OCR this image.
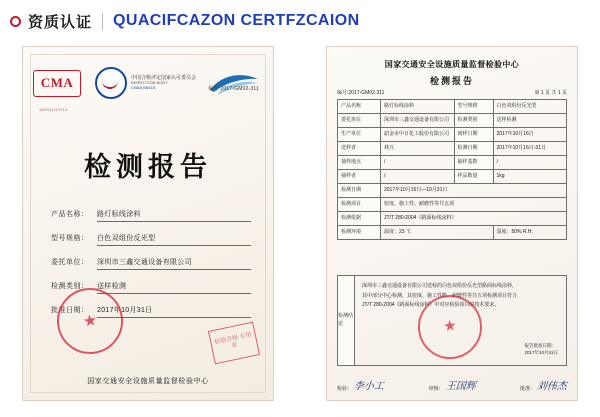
资质认证 QUACIFCAZON CERTFZCAION
CMA	中国合格评定国家认可委员会
INSPECTION BODY
CNAS B0418	编号:2017-GM02-311
180001113713
检测报告
产品名称：	路灯标线涂料
型号规格：	白色双组份反光型
委托单位：	深圳市三鑫交通设备有限公司
检测类别：	送样检测
批准日期：	2017年10月31日
★
检验合格 专用章
国家交通安全设施质量监督检验中心
国家交通安全设施质量监督检验中心
检测报告
编号:2017-GM02-311	第 1 页 共 1 页
产品名称	路灯标线涂料	型号规格	白色双组份反光型
委托单位	深圳市三鑫交通设备有限公司	检测类别	送样检测
生产单位	韶金市中日化工股份有限公司	到样日期	2017年10月16日
送样者	林兴	检测日期	2017年10月16日-31日
抽样地点	/	抽样基数	/
抽样者	/	样品数量	1kg
检测日期	2017年10月16日—10月31日		
检测项目	密度、施工性、耐磨性等共五项		
检测依据	JT/T 280-2004《路面标线涂料》		
检测环境	温度：23 ℃		湿度：50% R.H.
检测结论
深圳市三鑫交通设备有限公司送检的白色双组份反光型路面标线涂料，
其中部分中心检测，其密度、施工性能、耐磨性等共五项检测项目符合
JT/T 280-2004《路面标线涂料》中对应检验项目的技术要求。
★
报告批准日期：
2017年10月31日
检验： 李小工	审核： 王国辉	批准： 刘伟杰
